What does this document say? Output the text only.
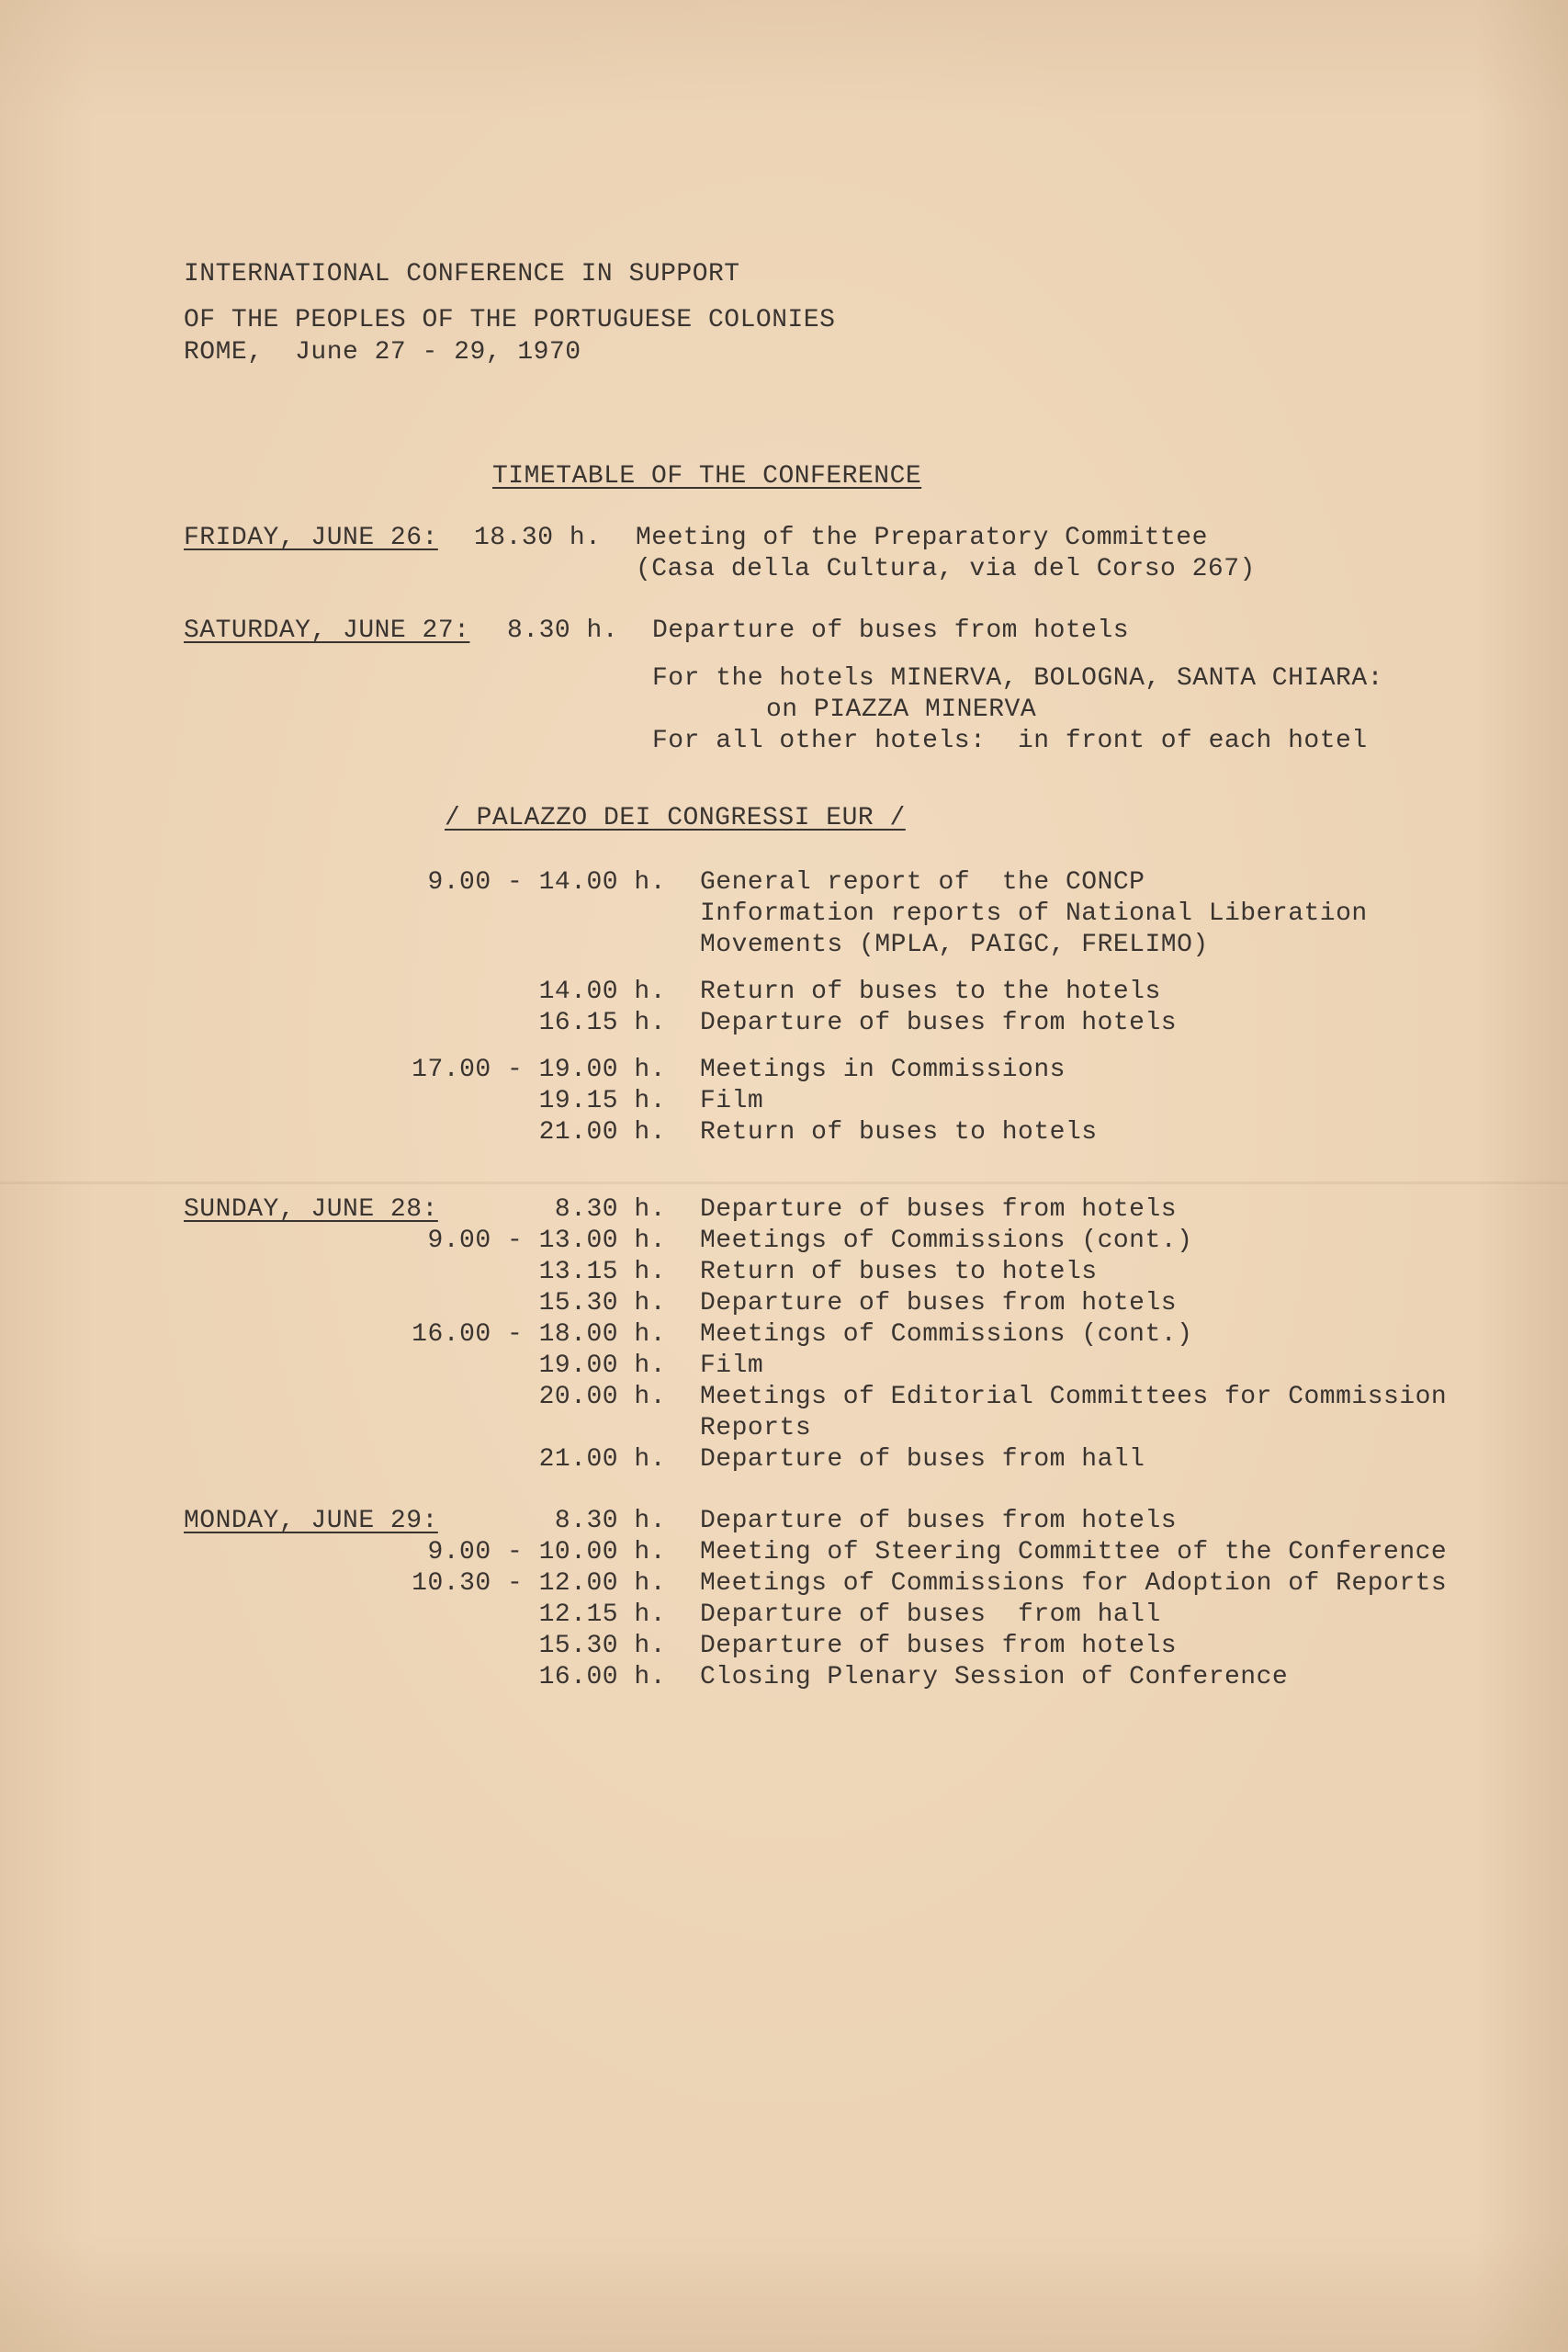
INTERNATIONAL CONFERENCE IN SUPPORT
OF THE PEOPLES OF THE PORTUGUESE COLONIES
ROME,  June 27 - 29, 1970
TIMETABLE OF THE CONFERENCE
FRIDAY, JUNE 26: 18.30 h. Meeting of the Preparatory Committee
(Casa della Cultura, via del Corso 267)
SATURDAY, JUNE 27: 8.30 h. Departure of buses from hotels
For the hotels MINERVA, BOLOGNA, SANTA CHIARA:
on PIAZZA MINERVA
For all other hotels:  in front of each hotel
/ PALAZZO DEI CONGRESSI EUR /
9.00 - 14.00 h. General report of  the CONCP
Information reports of National Liberation
Movements (MPLA, PAIGC, FRELIMO)
14.00 h. Return of buses to the hotels
16.15 h. Departure of buses from hotels
17.00 - 19.00 h. Meetings in Commissions
19.15 h. Film
21.00 h. Return of buses to hotels
SUNDAY, JUNE 28:	8.30 h. Departure of buses from hotels
9.00 - 13.00 h. Meetings of Commissions (cont.)
13.15 h. Return of buses to hotels
15.30 h. Departure of buses from hotels
16.00 - 18.00 h. Meetings of Commissions (cont.)
19.00 h. Film
20.00 h. Meetings of Editorial Committees for Commission
Reports
21.00 h. Departure of buses from hall
MONDAY, JUNE 29:	8.30 h. Departure of buses from hotels
9.00 - 10.00 h. Meeting of Steering Committee of the Conference
10.30 - 12.00 h. Meetings of Commissions for Adoption of Reports
12.15 h. Departure of buses  from hall
15.30 h. Departure of buses from hotels
16.00 h. Closing Plenary Session of Conference
